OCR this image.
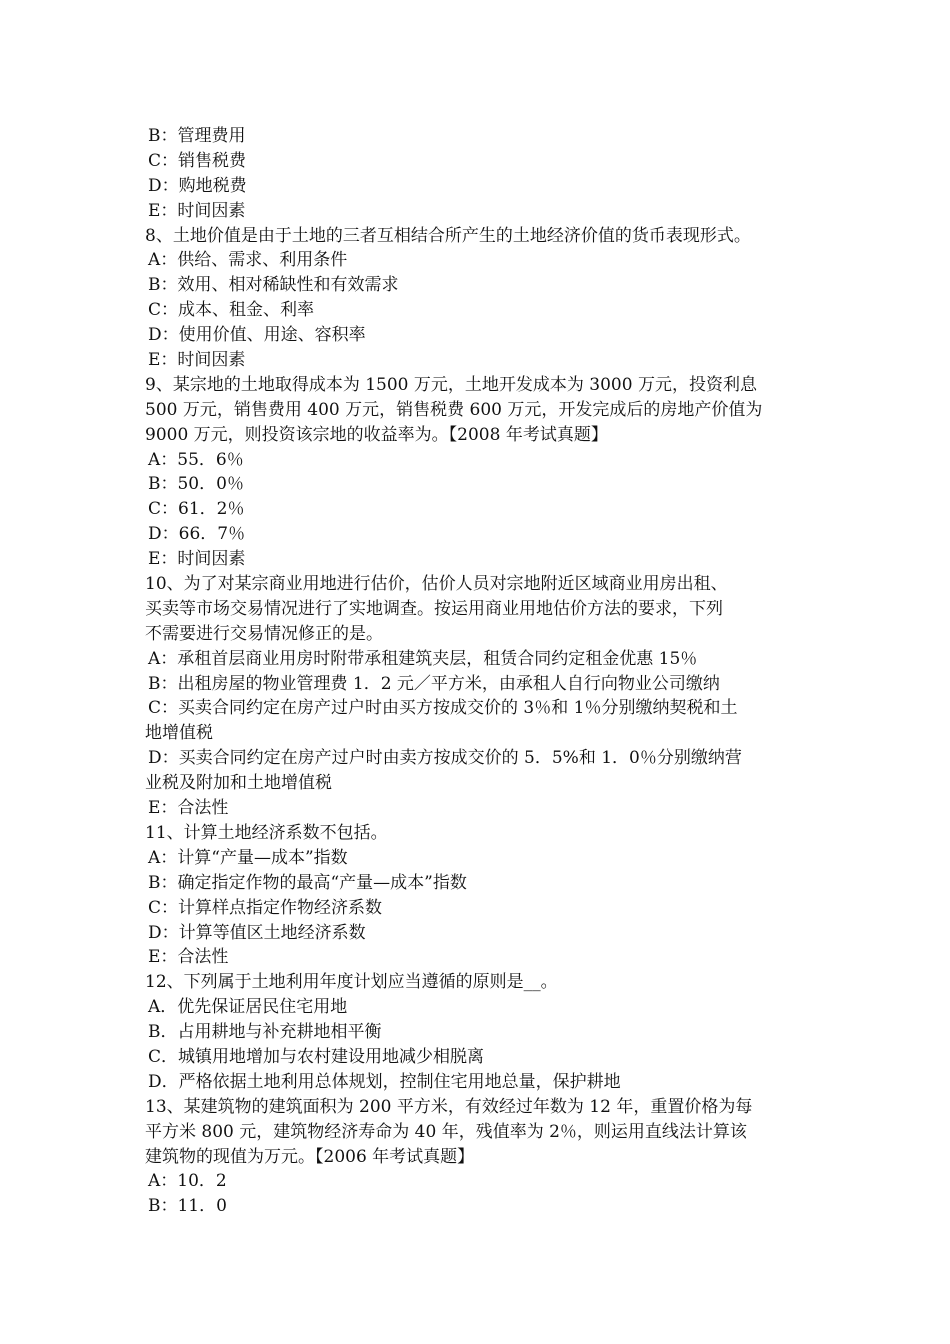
B：管理费用
C：销售税费
D：购地税费
E：时间因素
8、土地价值是由于土地的三者互相结合所产生的土地经济价值的货币表现形式。
A：供给、需求、利用条件
B：效用、相对稀缺性和有效需求
C：成本、租金、利率
D：使用价值、用途、容积率
E：时间因素
9、某宗地的土地取得成本为 1500 万元，土地开发成本为 3000 万元，投资利息
500 万元，销售费用 400 万元，销售税费 600 万元，开发完成后的房地产价值为
9000 万元，则投资该宗地的收益率为。【2008 年考试真题】
A：55．6％
B：50．0％
C：61．2％
D：66．7％
E：时间因素
10、为了对某宗商业用地进行估价，估价人员对宗地附近区域商业用房出租、
买卖等市场交易情况进行了实地调查。按运用商业用地估价方法的要求，下列
不需要进行交易情况修正的是。
A：承租首层商业用房时附带承租建筑夹层，租赁合同约定租金优惠 15％
B：出租房屋的物业管理费 1．2 元／平方米，由承租人自行向物业公司缴纳
C：买卖合同约定在房产过户时由买方按成交价的 3％和 1％分别缴纳契税和土
地增值税
D：买卖合同约定在房产过户时由卖方按成交价的 5．5%和 1．0％分别缴纳营
业税及附加和土地增值税
E：合法性
11、计算土地经济系数不包括。
A：计算“产量—成本”指数
B：确定指定作物的最高“产量—成本”指数
C：计算样点指定作物经济系数
D：计算等值区土地经济系数
E：合法性
12、下列属于土地利用年度计划应当遵循的原则是__。
A．优先保证居民住宅用地
B．占用耕地与补充耕地相平衡
C．城镇用地增加与农村建设用地减少相脱离
D．严格依据土地利用总体规划，控制住宅用地总量，保护耕地
13、某建筑物的建筑面积为 200 平方米，有效经过年数为 12 年，重置价格为每
平方米 800 元，建筑物经济寿命为 40 年，残值率为 2％，则运用直线法计算该
建筑物的现值为万元。【2006 年考试真题】
A：10．2
B：11．0
